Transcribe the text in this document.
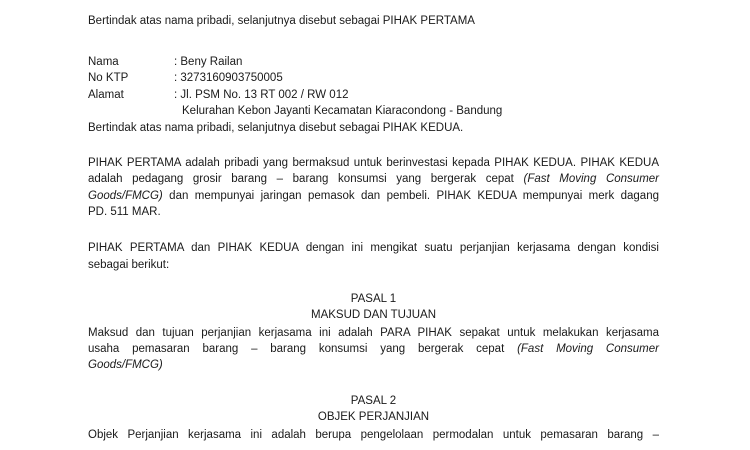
Bertindak atas nama pribadi, selanjutnya disebut sebagai PIHAK PERTAMA
Nama	: Beny Railan
No KTP	: 3273160903750005
Alamat	: Jl. PSM No. 13 RT 002 / RW 012
Kelurahan Kebon Jayanti Kecamatan Kiaracondong - Bandung
Bertindak atas nama pribadi, selanjutnya disebut sebagai PIHAK KEDUA.
PIHAK PERTAMA adalah pribadi yang bermaksud untuk berinvestasi kepada PIHAK KEDUA. PIHAK KEDUA
adalah pedagang grosir barang – barang konsumsi yang bergerak cepat (Fast Moving Consumer
Goods/FMCG) dan mempunyai jaringan pemasok dan pembeli. PIHAK KEDUA mempunyai merk dagang
PD. 511 MAR.
PIHAK PERTAMA dan PIHAK KEDUA dengan ini mengikat suatu perjanjian kerjasama dengan kondisi
sebagai berikut:
PASAL 1
MAKSUD DAN TUJUAN
Maksud dan tujuan perjanjian kerjasama ini adalah PARA PIHAK sepakat untuk melakukan kerjasama
usaha pemasaran barang – barang konsumsi yang bergerak cepat (Fast Moving Consumer
Goods/FMCG)
PASAL 2
OBJEK PERJANJIAN
Objek Perjanjian kerjasama ini adalah berupa pengelolaan permodalan untuk pemasaran barang –
